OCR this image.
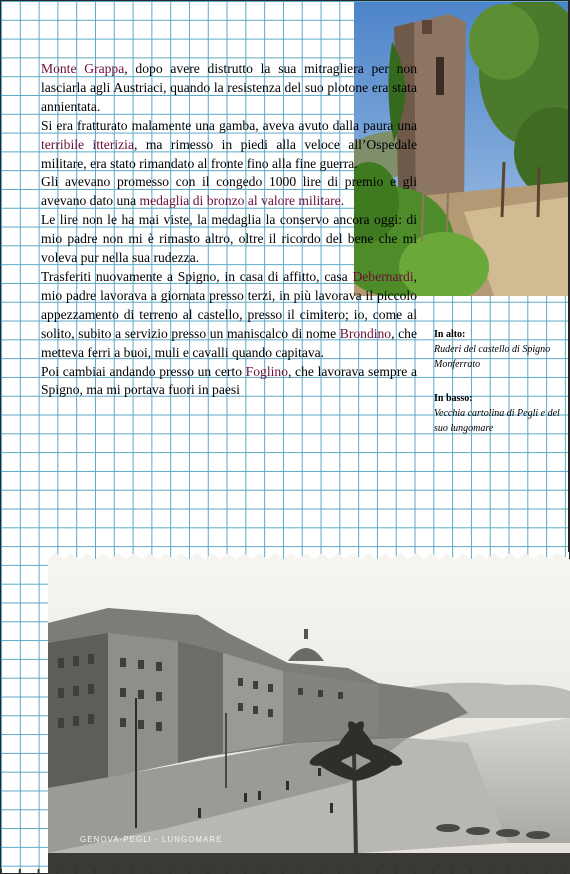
Monte Grappa, dopo avere distrutto la sua mitragliera per non lasciarla agli Austriaci, quando la resistenza del suo plotone era stata annientata.

Si era fratturato malamente una gamba, aveva avuto dalla paura una terribile itterizia, ma rimesso in piedi alla veloce all’Ospedale militare, era stato rimandato al fronte fino alla fine guerra.

Gli avevano promesso con il congedo 1000 lire di premio e gli avevano dato una medaglia di bronzo al valore militare.

Le lire non le ha mai viste, la medaglia la conservo ancora oggi: di mio padre non mi è rimasto altro, oltre il ricordo del bene che mi voleva pur nella sua rudezza.

Trasferiti nuovamente a Spigno, in casa di affitto, casa Debernardi, mio padre lavorava a giornata presso terzi, in più lavorava il piccolo appezzamento di terreno al castello, presso il cimitero; io, come al solito, subito a servizio presso un maniscalco di nome Brondino, che metteva ferri a buoi, muli e cavalli quando capitava.

Poi cambiai andando presso un certo Foglino, che lavorava sempre a Spigno, ma mi portava fuori in paesi

In alto:
Ruderi del castello di Spigno Monferrato
In basso:
Vecchia cartolina di Pegli e del suo lungomare
GENOVA-PEGLI - LUNGOMARE
